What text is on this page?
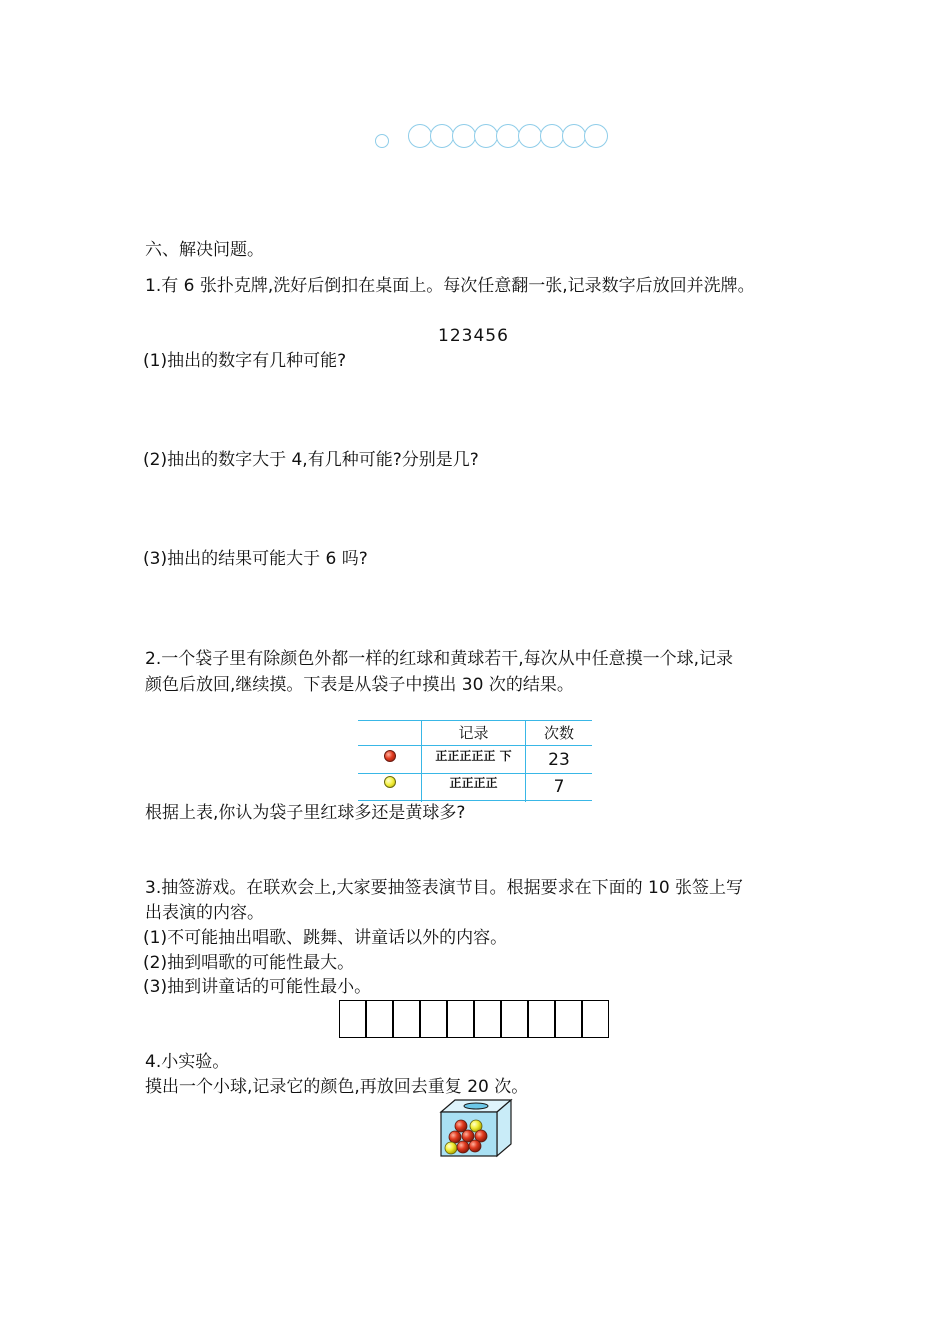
六、解决问题。
1.有 6 张扑克牌,洗好后倒扣在桌面上。每次任意翻一张,记录数字后放回并洗牌。
123456
(1)抽出的数字有几种可能?
(2)抽出的数字大于 4,有几种可能?分别是几?
(3)抽出的结果可能大于 6 吗?
2.一个袋子里有除颜色外都一样的红球和黄球若干,每次从中任意摸一个球,记录
颜色后放回,继续摸。下表是从袋子中摸出 30 次的结果。
记录	次数
正正正正正 下	23
正正正正	7
根据上表,你认为袋子里红球多还是黄球多?
3.抽签游戏。在联欢会上,大家要抽签表演节目。根据要求在下面的 10 张签上写
出表演的内容。
(1)不可能抽出唱歌、跳舞、讲童话以外的内容。
(2)抽到唱歌的可能性最大。
(3)抽到讲童话的可能性最小。
4.小实验。
摸出一个小球,记录它的颜色,再放回去重复 20 次。
